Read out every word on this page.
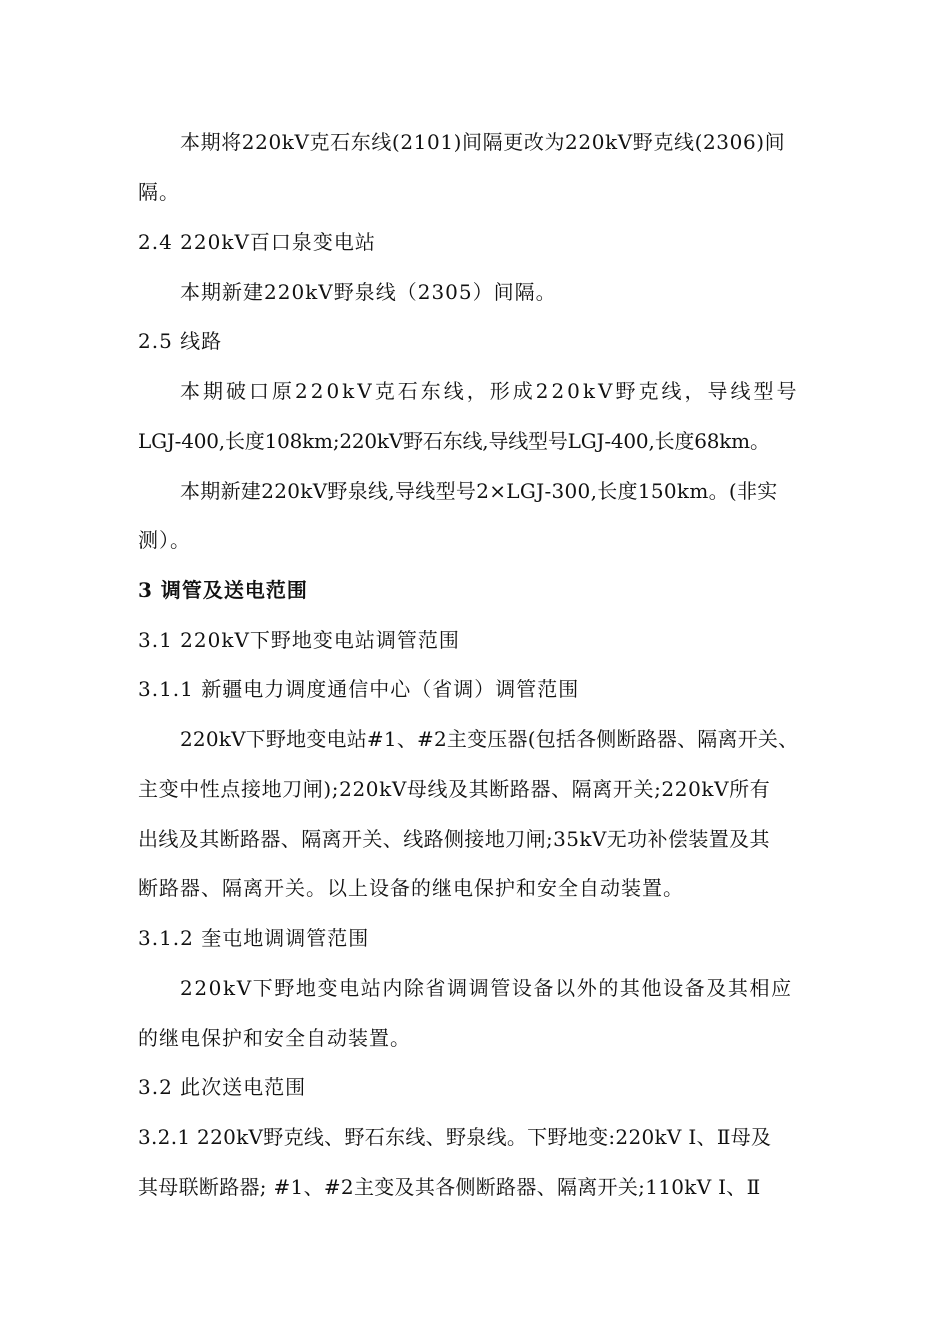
本期将220kV克石东线(2101)间隔更改为220kV野克线(2306)间
隔。
2.4 220kV百口泉变电站
本期新建220kV野泉线（2305）间隔。
2.5 线路
本期破口原220kV克石东线，形成220kV野克线，导线型号
LGJ-400,长度108km;220kV野石东线,导线型号LGJ-400,长度68km。
本期新建220kV野泉线,导线型号2×LGJ-300,长度150km。(非实
测）。
3 调管及送电范围
3.1 220kV下野地变电站调管范围
3.1.1 新疆电力调度通信中心（省调）调管范围
220kV下野地变电站#1、#2主变压器(包括各侧断路器、隔离开关、
主变中性点接地刀闸);220kV母线及其断路器、隔离开关;220kV所有
出线及其断路器、隔离开关、线路侧接地刀闸;35kV无功补偿装置及其
断路器、隔离开关。以上设备的继电保护和安全自动装置。
3.1.2 奎屯地调调管范围
220kV下野地变电站内除省调调管设备以外的其他设备及其相应
的继电保护和安全自动装置。
3.2 此次送电范围
3.2.1 220kV野克线、野石东线、野泉线。下野地变:220kV Ⅰ、Ⅱ母及
其母联断路器; #1、#2主变及其各侧断路器、隔离开关;110kV Ⅰ、Ⅱ
